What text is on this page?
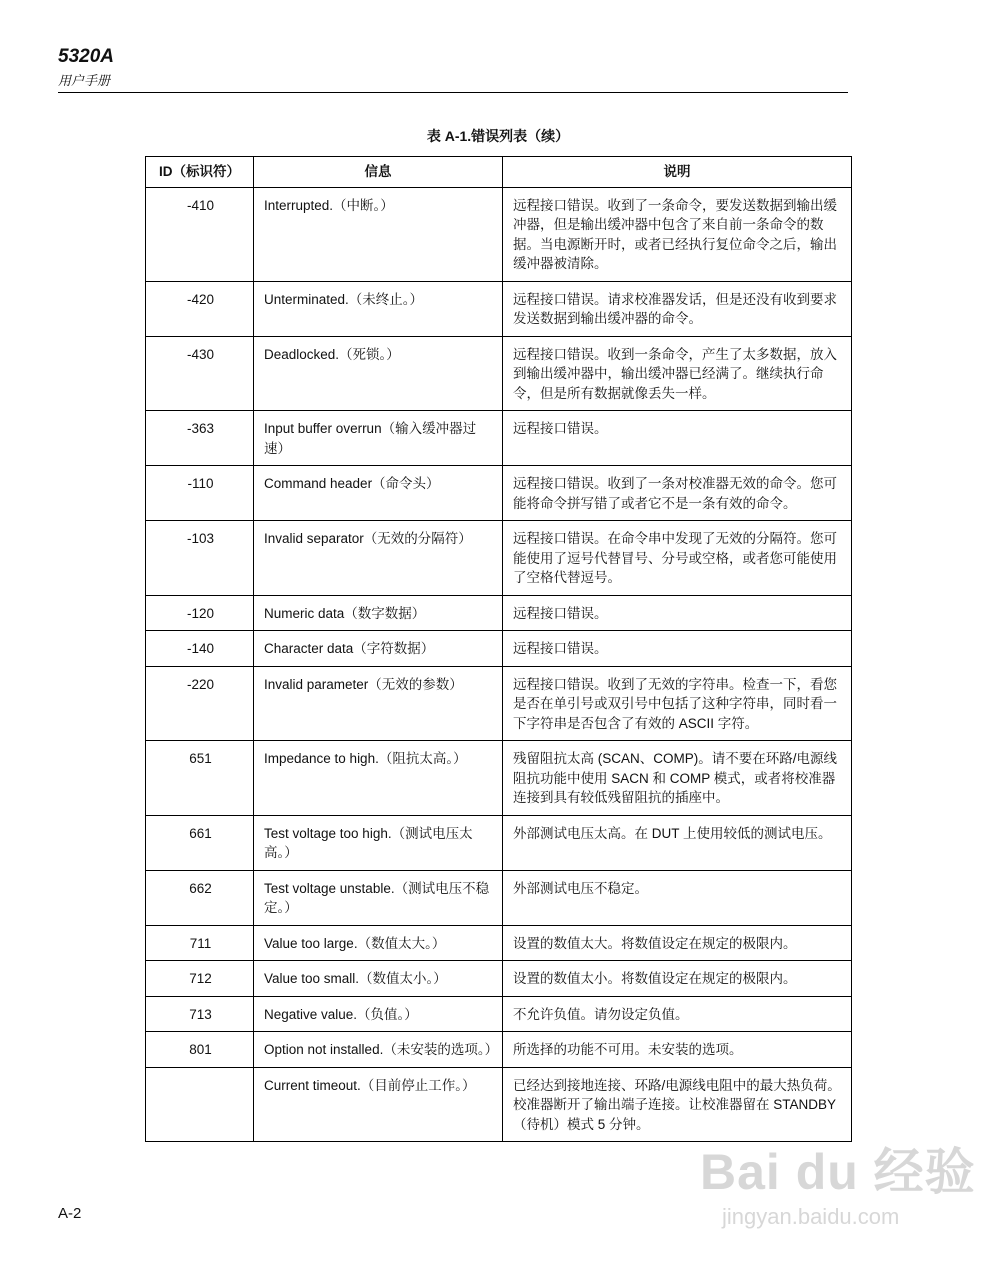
5320A
用户手册
表 A-1.错误列表（续）
ID（标识符）	信息	说明
-410	Interrupted.（中断。）	远程接口错误。收到了一条命令，要发送数据到输出缓冲器，但是输出缓冲器中包含了来自前一条命令的数据。当电源断开时，或者已经执行复位命令之后，输出缓冲器被清除。
-420	Unterminated.（未终止。）	远程接口错误。请求校准器发话，但是还没有收到要求发送数据到输出缓冲器的命令。
-430	Deadlocked.（死锁。）	远程接口错误。收到一条命令，产生了太多数据，放入到输出缓冲器中，输出缓冲器已经满了。继续执行命令，但是所有数据就像丢失一样。
-363	Input buffer overrun（输入缓冲器过速）	远程接口错误。
-110	Command header（命令头）	远程接口错误。收到了一条对校准器无效的命令。您可能将命令拼写错了或者它不是一条有效的命令。
-103	Invalid separator（无效的分隔符）	远程接口错误。在命令串中发现了无效的分隔符。您可能使用了逗号代替冒号、分号或空格，或者您可能使用了空格代替逗号。
-120	Numeric data（数字数据）	远程接口错误。
-140	Character data（字符数据）	远程接口错误。
-220	Invalid parameter（无效的参数）	远程接口错误。收到了无效的字符串。检查一下，看您是否在单引号或双引号中包括了这种字符串，同时看一下字符串是否包含了有效的 ASCII 字符。
651	Impedance to high.（阻抗太高。）	残留阻抗太高 (SCAN、COMP)。请不要在环路/电源线阻抗功能中使用 SACN 和 COMP 模式，或者将校准器连接到具有较低残留阻抗的插座中。
661	Test voltage too high.（测试电压太高。）	外部测试电压太高。在 DUT 上使用较低的测试电压。
662	Test voltage unstable.（测试电压不稳定。）	外部测试电压不稳定。
711	Value too large.（数值太大。）	设置的数值太大。将数值设定在规定的极限内。
712	Value too small.（数值太小。）	设置的数值太小。将数值设定在规定的极限内。
713	Negative value.（负值。）	不允许负值。请勿设定负值。
801	Option not installed.（未安装的选项。）	所选择的功能不可用。未安装的选项。
	Current timeout.（目前停止工作。）	已经达到接地连接、环路/电源线电阻中的最大热负荷。校准器断开了输出端子连接。让校准器留在 STANDBY（待机）模式 5 分钟。
A-2
Bai du 经验
jingyan.baidu.com
